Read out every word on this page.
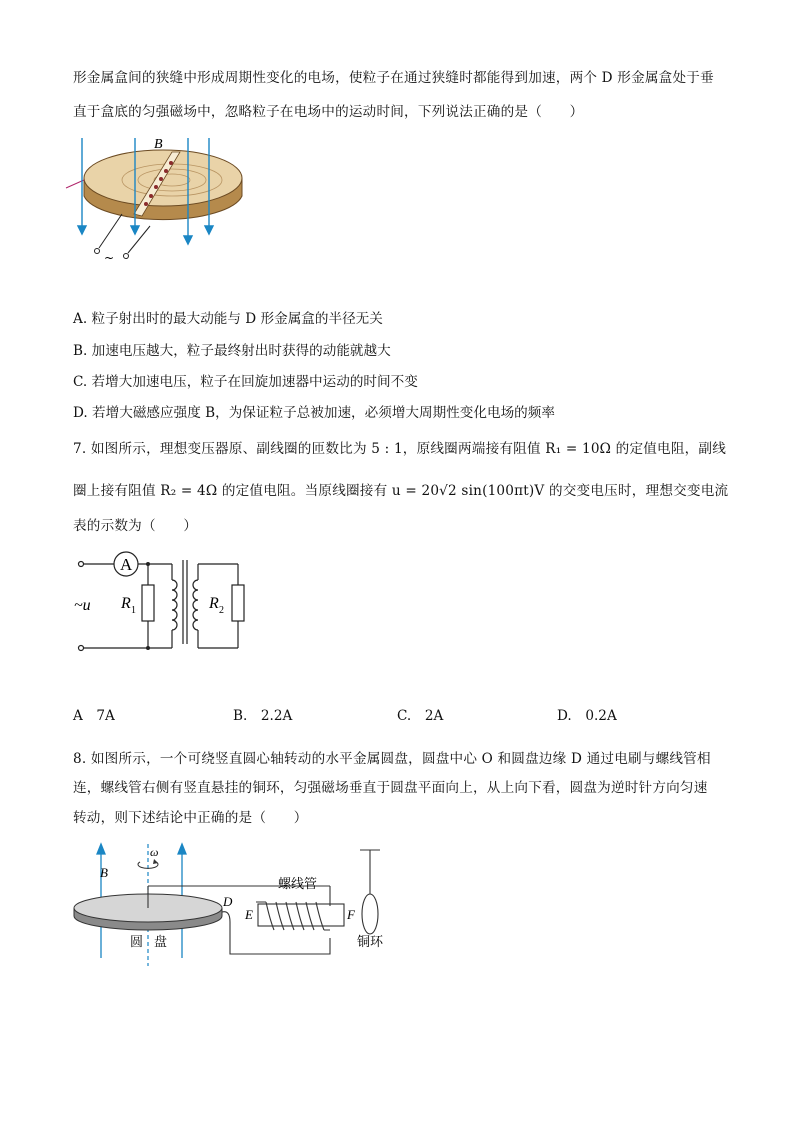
形金属盒间的狭缝中形成周期性变化的电场，使粒子在通过狭缝时都能得到加速，两个 D 形金属盒处于垂
直于盒底的匀强磁场中，忽略粒子在电场中的运动时间，下列说法正确的是（　　）
B
~
A. 粒子射出时的最大动能与 D 形金属盒的半径无关
B. 加速电压越大，粒子最终射出时获得的动能就越大
C. 若增大加速电压，粒子在回旋加速器中运动的时间不变
D. 若增大磁感应强度 B，为保证粒子总被加速，必须增大周期性变化电场的频率
7. 如图所示，理想变压器原、副线圈的匝数比为 5 : 1，原线圈两端接有阻值 R₁ = 10Ω 的定值电阻，副线
圈上接有阻值 R₂ = 4Ω 的定值电阻。当原线圈接有 u = 20√2 sin(100πt)V 的交变电压时，理想交变电流
表的示数为（　　）
A
~u R 1	R 2
A　7A	B.　2.2A	C.　2A	D.　0.2A
8. 如图所示，一个可绕竖直圆心轴转动的水平金属圆盘，圆盘中心 O 和圆盘边缘 D 通过电刷与螺线管相
连，螺线管右侧有竖直悬挂的铜环，匀强磁场垂直于圆盘平面向上，从上向下看，圆盘为逆时针方向匀速
转动，则下述结论中正确的是（　　）
B
ω
D
E	F
螺线管
圆 盘	铜环
